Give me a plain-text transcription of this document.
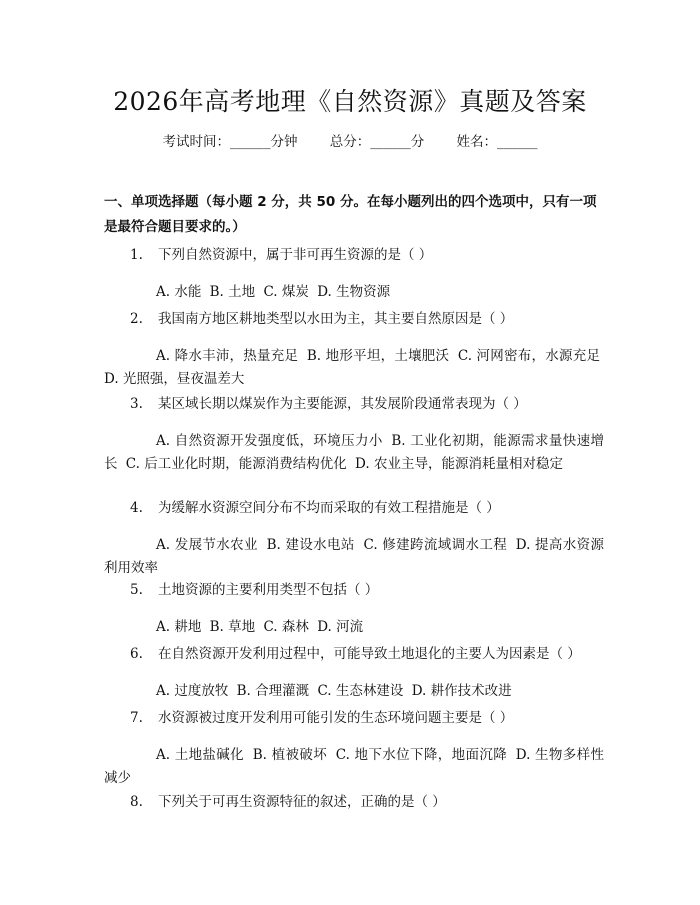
2026年高考地理《自然资源》真题及答案
考试时间：______分钟 总分：______分 姓名：______
一、单项选择题（每小题 2 分，共 50 分。在每小题列出的四个选项中，只有一项是最符合题目要求的。）
1. 下列自然资源中，属于非可再生资源的是（ ）
A. 水能 B. 土地 C. 煤炭 D. 生物资源
2. 我国南方地区耕地类型以水田为主，其主要自然原因是（ ）
A. 降水丰沛，热量充足 B. 地形平坦，土壤肥沃 C. 河网密布，水源充足 D. 光照强，昼夜温差大
3. 某区域长期以煤炭作为主要能源，其发展阶段通常表现为（ ）
A. 自然资源开发强度低，环境压力小 B. 工业化初期，能源需求量快速增长 C. 后工业化时期，能源消费结构优化 D. 农业主导，能源消耗量相对稳定
4. 为缓解水资源空间分布不均而采取的有效工程措施是（ ）
A. 发展节水农业 B. 建设水电站 C. 修建跨流域调水工程 D. 提高水资源利用效率
5. 土地资源的主要利用类型不包括（ ）
A. 耕地 B. 草地 C. 森林 D. 河流
6. 在自然资源开发利用过程中，可能导致土地退化的主要人为因素是（ ）
A. 过度放牧 B. 合理灌溉 C. 生态林建设 D. 耕作技术改进
7. 水资源被过度开发利用可能引发的生态环境问题主要是（ ）
A. 土地盐碱化 B. 植被破坏 C. 地下水位下降，地面沉降 D. 生物多样性减少
8. 下列关于可再生资源特征的叙述，正确的是（ ）
